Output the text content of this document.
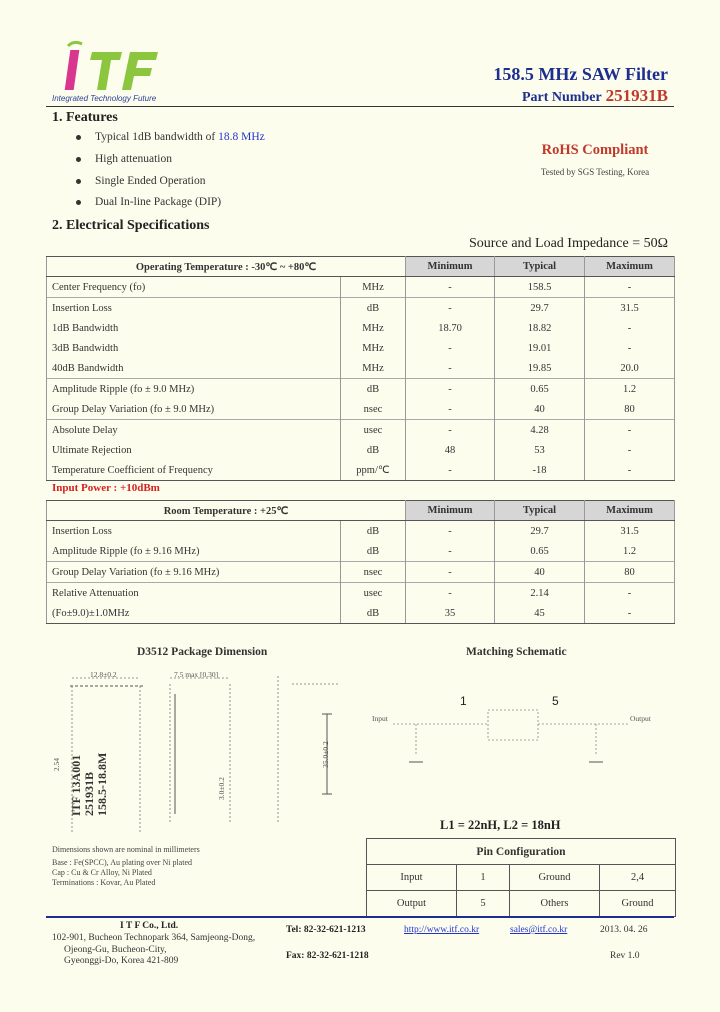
Integrated Technology Future
158.5 MHz SAW Filter
Part Number 251931B
1. Features
Typical 1dB bandwidth of 18.8 MHz
High attenuation
Single Ended Operation
Dual In-line Package (DIP)
RoHS Compliant
Tested by SGS Testing, Korea
2. Electrical Specifications
Source and Load Impedance = 50Ω
Operating Temperature : -30℃ ~ +80℃		Minimum	Typical	Maximum
Center Frequency (fo)	MHz	-	158.5	-
Insertion Loss	dB	-	29.7	31.5
1dB Bandwidth	MHz	18.70	18.82	-
3dB Bandwidth	MHz	-	19.01	-
40dB Bandwidth	MHz	-	19.85	20.0
Amplitude Ripple (fo ± 9.0 MHz)	dB	-	0.65	1.2
Group Delay Variation (fo ± 9.0 MHz)	nsec	-	40	80
Absolute Delay	usec	-	4.28	-
Ultimate Rejection	dB	48	53	-
Temperature Coefficient of Frequency	ppm/℃	-	-18	-
Input Power : +10dBm
Room Temperature : +25℃		Minimum	Typical	Maximum
Insertion Loss	dB	-	29.7	31.5
Amplitude Ripple (fo ± 9.16 MHz)	dB	-	0.65	1.2
Group Delay Variation (fo ± 9.16 MHz)	nsec	-	40	80
Relative Attenuation	usec	-	2.14	-
(Fo±9.0)±1.0MHz	dB	35	45	-
D3512 Package Dimension
12.8±0.2	7.5 max [0.30]
2.54
3.0±0.2
35.0±0.2
ITF 13A001 251931B 158.5-18.8M
Dimensions shown are nominal in millimeters
Base : Fe(SPCC), Au plating over Ni plated
Cap : Cu & Cr Alloy, Ni Plated
Terminations : Kovar, Au Plated
Matching Schematic
1	5
Input	Output
L1 = 22nH, L2 = 18nH
Pin Configuration			
Input	1	Ground	2,4
Output	5	Others	Ground
I T F Co., Ltd.
102-901, Bucheon Technopark 364, Samjeong-Dong,
Ojeong-Gu, Bucheon-City,
Gyeonggi-Do, Korea 421-809
Tel: 82-32-621-1213
Fax: 82-32-621-1218
http://www.itf.co.kr	sales@itf.co.kr	2013. 04. 26
Rev 1.0
